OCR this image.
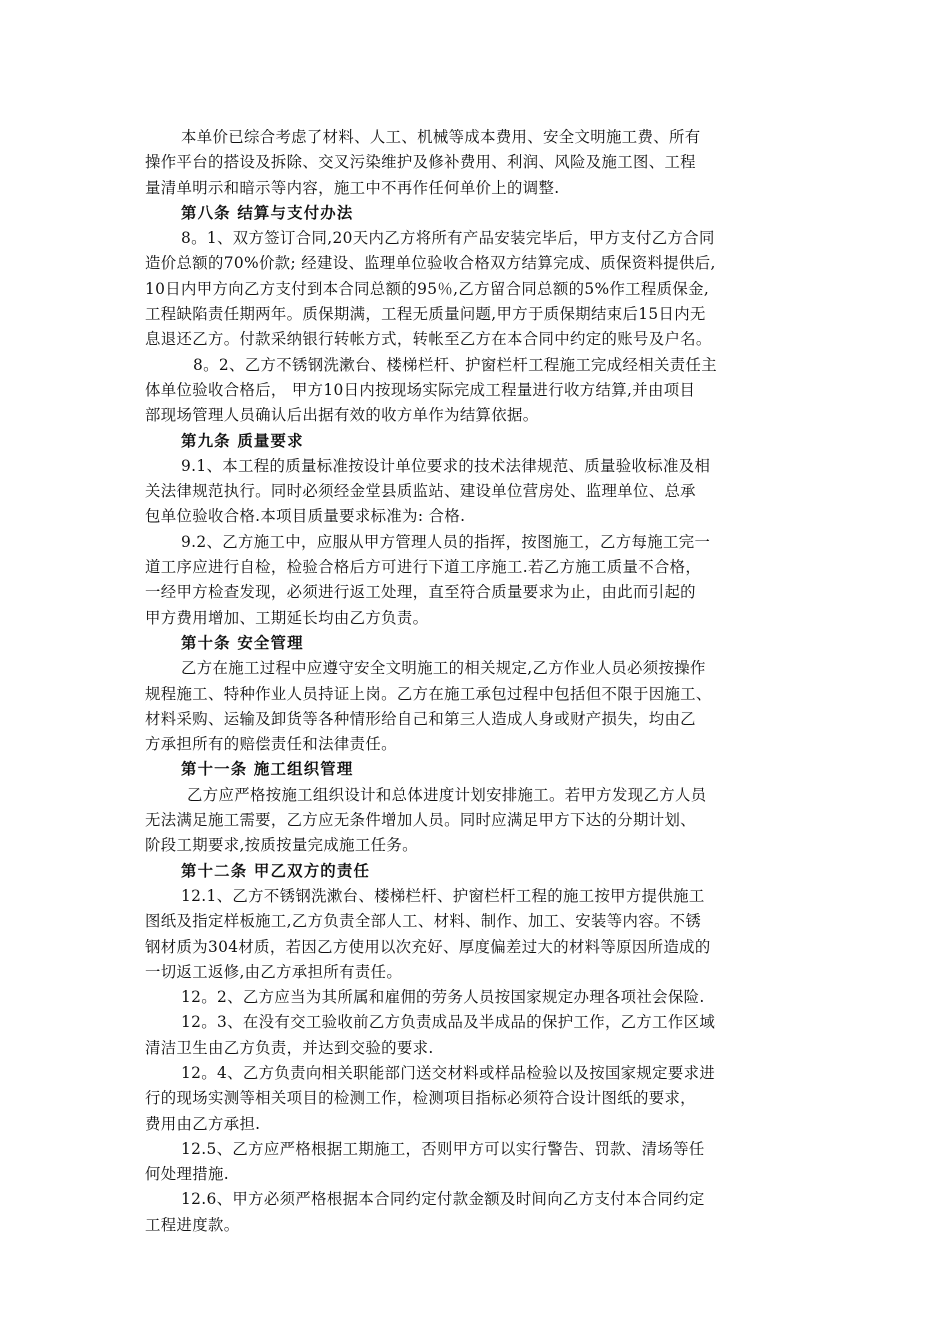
本单价已综合考虑了材料、人工、机械等成本费用、安全文明施工费、所有
操作平台的搭设及拆除、交叉污染维护及修补费用、利润、风险及施工图、工程
量清单明示和暗示等内容，施工中不再作任何单价上的调整.
第八条 结算与支付办法
8。1、双方签订合同,20天内乙方将所有产品安装完毕后，甲方支付乙方合同
造价总额的70%价款; 经建设、监理单位验收合格双方结算完成、质保资料提供后,
10日内甲方向乙方支付到本合同总额的95％,乙方留合同总额的5%作工程质保金,
工程缺陷责任期两年。质保期满，工程无质量问题,甲方于质保期结束后15日内无
息退还乙方。付款采纳银行转帐方式，转帐至乙方在本合同中约定的账号及户名。
8。2、乙方不锈钢洗漱台、楼梯栏杆、护窗栏杆工程施工完成经相关责任主
体单位验收合格后， 甲方10日内按现场实际完成工程量进行收方结算,并由项目
部现场管理人员确认后出据有效的收方单作为结算依据。
第九条 质量要求
9.1、本工程的质量标准按设计单位要求的技术法律规范、质量验收标准及相
关法律规范执行。同时必须经金堂县质监站、建设单位营房处、监理单位、总承
包单位验收合格.本项目质量要求标准为: 合格.
9.2、乙方施工中，应服从甲方管理人员的指挥，按图施工，乙方每施工完一
道工序应进行自检，检验合格后方可进行下道工序施工.若乙方施工质量不合格，
一经甲方检查发现，必须进行返工处理，直至符合质量要求为止，由此而引起的
甲方费用增加、工期延长均由乙方负责。
第十条 安全管理
乙方在施工过程中应遵守安全文明施工的相关规定,乙方作业人员必须按操作
规程施工、特种作业人员持证上岗。乙方在施工承包过程中包括但不限于因施工、
材料采购、运输及卸货等各种情形给自己和第三人造成人身或财产损失，均由乙
方承担所有的赔偿责任和法律责任。
第十一条 施工组织管理
乙方应严格按施工组织设计和总体进度计划安排施工。若甲方发现乙方人员
无法满足施工需要，乙方应无条件增加人员。同时应满足甲方下达的分期计划、
阶段工期要求,按质按量完成施工任务。
第十二条 甲乙双方的责任
12.1、乙方不锈钢洗漱台、楼梯栏杆、护窗栏杆工程的施工按甲方提供施工
图纸及指定样板施工,乙方负责全部人工、材料、制作、加工、安装等内容。不锈
钢材质为304材质，若因乙方使用以次充好、厚度偏差过大的材料等原因所造成的
一切返工返修,由乙方承担所有责任。
12。2、乙方应当为其所属和雇佣的劳务人员按国家规定办理各项社会保险.
12。3、在没有交工验收前乙方负责成品及半成品的保护工作，乙方工作区域
清洁卫生由乙方负责，并达到交验的要求.
12。4、乙方负责向相关职能部门送交材料或样品检验以及按国家规定要求进
行的现场实测等相关项目的检测工作，检测项目指标必须符合设计图纸的要求，
费用由乙方承担.
12.5、乙方应严格根据工期施工，否则甲方可以实行警告、罚款、清场等任
何处理措施.
12.6、甲方必须严格根据本合同约定付款金额及时间向乙方支付本合同约定
工程进度款。
